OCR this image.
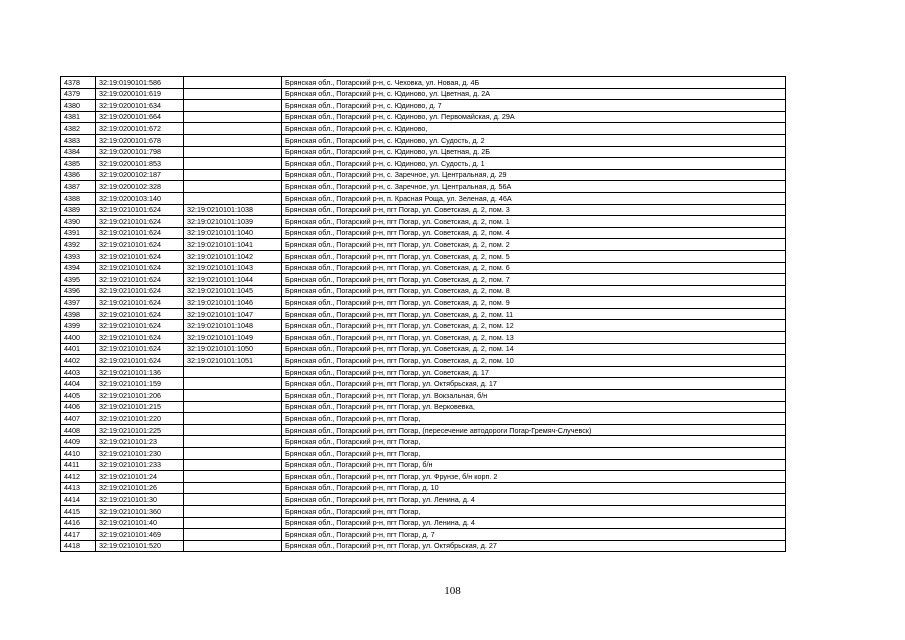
4378	32:19:0190101:586		Брянская обл., Погарский р-н, с. Чеховка, ул. Новая, д. 4Б
4379	32:19:0200101:619		Брянская обл., Погарский р-н, с. Юдиново, ул. Цветная, д. 2А
4380	32:19:0200101:634		Брянская обл., Погарский р-н, с. Юдиново, д. 7
4381	32:19:0200101:664		Брянская обл., Погарский р-н, с. Юдиново, ул. Первомайская, д. 29А
4382	32:19:0200101:672		Брянская обл., Погарский р-н, с. Юдиново,
4383	32:19:0200101:678		Брянская обл., Погарский р-н, с. Юдиново, ул. Судость, д. 2
4384	32:19:0200101:798		Брянская обл., Погарский р-н, с. Юдиново, ул. Цветная, д. 2Б
4385	32:19:0200101:853		Брянская обл., Погарский р-н, с. Юдиново, ул. Судость, д. 1
4386	32:19:0200102:187		Брянская обл., Погарский р-н, с. Заречное, ул. Центральная, д. 29
4387	32:19:0200102:328		Брянская обл., Погарский р-н, с. Заречное, ул. Центральная, д. 56А
4388	32:19:0200103:140		Брянская обл., Погарский р-н, п. Красная Роща, ул. Зеленая, д. 46А
4389	32:19:0210101:624	32:19:0210101:1038	Брянская обл., Погарский р-н, пгт Погар, ул. Советская, д. 2, пом. 3
4390	32:19:0210101:624	32:19:0210101:1039	Брянская обл., Погарский р-н, пгт Погар, ул. Советская, д. 2, пом. 1
4391	32:19:0210101:624	32:19:0210101:1040	Брянская обл., Погарский р-н, пгт Погар, ул. Советская, д. 2, пом. 4
4392	32:19:0210101:624	32:19:0210101:1041	Брянская обл., Погарский р-н, пгт Погар, ул. Советская, д. 2, пом. 2
4393	32:19:0210101:624	32:19:0210101:1042	Брянская обл., Погарский р-н, пгт Погар, ул. Советская, д. 2, пом. 5
4394	32:19:0210101:624	32:19:0210101:1043	Брянская обл., Погарский р-н, пгт Погар, ул. Советская, д. 2, пом. 6
4395	32:19:0210101:624	32:19:0210101:1044	Брянская обл., Погарский р-н, пгт Погар, ул. Советская, д. 2, пом. 7
4396	32:19:0210101:624	32:19:0210101:1045	Брянская обл., Погарский р-н, пгт Погар, ул. Советская, д. 2, пом. 8
4397	32:19:0210101:624	32:19:0210101:1046	Брянская обл., Погарский р-н, пгт Погар, ул. Советская, д. 2, пом. 9
4398	32:19:0210101:624	32:19:0210101:1047	Брянская обл., Погарский р-н, пгт Погар, ул. Советская, д. 2, пом. 11
4399	32:19:0210101:624	32:19:0210101:1048	Брянская обл., Погарский р-н, пгт Погар, ул. Советская, д. 2, пом. 12
4400	32:19:0210101:624	32:19:0210101:1049	Брянская обл., Погарский р-н, пгт Погар, ул. Советская, д. 2, пом. 13
4401	32:19:0210101:624	32:19:0210101:1050	Брянская обл., Погарский р-н, пгт Погар, ул. Советская, д. 2, пом. 14
4402	32:19:0210101:624	32:19:0210101:1051	Брянская обл., Погарский р-н, пгт Погар, ул. Советская, д. 2, пом. 10
4403	32:19:0210101:136		Брянская обл., Погарский р-н, пгт Погар, ул. Советская, д. 17
4404	32:19:0210101:159		Брянская обл., Погарский р-н, пгт Погар, ул. Октябрьская, д. 17
4405	32:19:0210101:206		Брянская обл., Погарский р-н, пгт Погар, ул. Вокзальная, б/н
4406	32:19:0210101:215		Брянская обл., Погарский р-н, пгт Погар, ул. Верковевка,
4407	32:19:0210101:220		Брянская обл., Погарский р-н, пгт Погар,
4408	32:19:0210101:225		Брянская обл., Погарский р-н, пгт Погар, (пересечение автодороги Погар-Гремяч-Случевск)
4409	32:19:0210101:23		Брянская обл., Погарский р-н, пгт Погар,
4410	32:19:0210101:230		Брянская обл., Погарский р-н, пгт Погар,
4411	32:19:0210101:233		Брянская обл., Погарский р-н, пгт Погар, б/н
4412	32:19:0210101:24		Брянская обл., Погарский р-н, пгт Погар, ул. Фрунзе, б/н корп. 2
4413	32:19:0210101:26		Брянская обл., Погарский р-н, пгт Погар, д. 10
4414	32:19:0210101:30		Брянская обл., Погарский р-н, пгт Погар, ул. Ленина, д. 4
4415	32:19:0210101:360		Брянская обл., Погарский р-н, пгт Погар,
4416	32:19:0210101:40		Брянская обл., Погарский р-н, пгт Погар, ул. Ленина, д. 4
4417	32:19:0210101:469		Брянская обл., Погарский р-н, пгт Погар, д. 7
4418	32:19:0210101:520		Брянская обл., Погарский р-н, пгт Погар, ул. Октябрьская, д. 27
108
